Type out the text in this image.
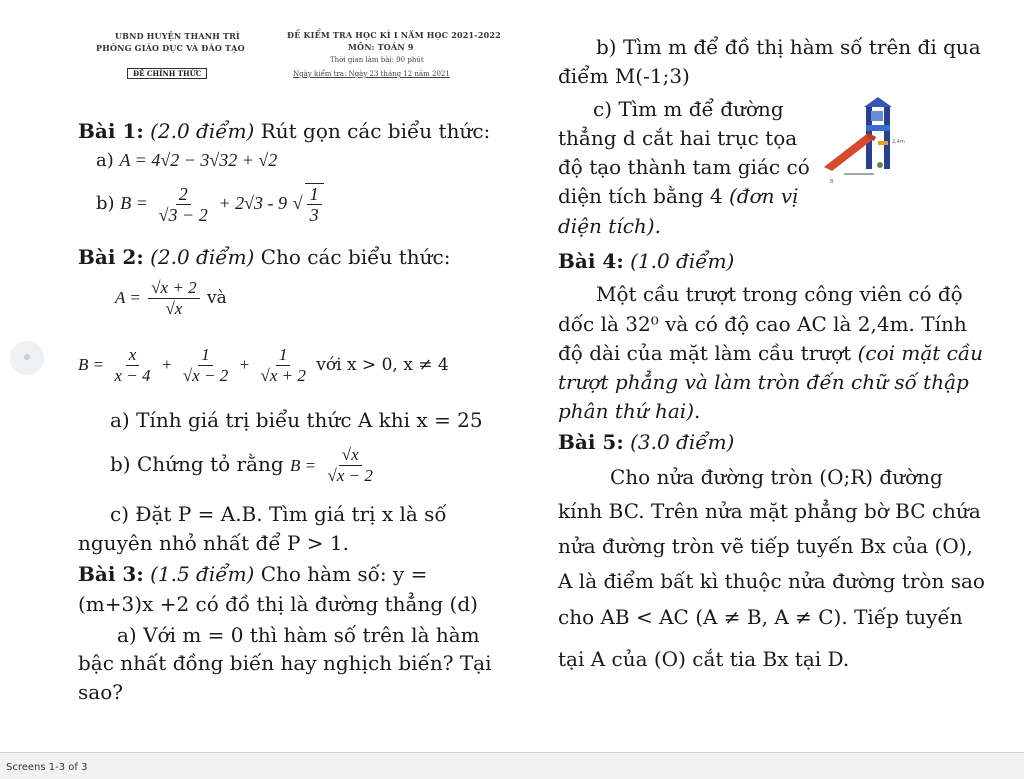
UBND HUYỆN THANH TRÌ
PHÒNG GIÁO DỤC VÀ ĐÀO TẠO
ĐỀ CHÍNH THỨC
ĐỀ KIỂM TRA HỌC KÌ I NĂM HỌC 2021-2022
MÔN: TOÁN 9
Thời gian làm bài: 90 phút
Ngày kiểm tra: Ngày 23 tháng 12 năm 2021
Bài 1: (2.0 điểm) Rút gọn các biểu thức:
a) A = 4√2 − 3√32 + √2
b) $B = \frac{2}{√3 - 2} + 2√3 - 9$ √ $\frac{1}{3}$
Bài 2: (2.0 điểm) Cho các biểu thức:
$A = \frac{√x + 2}{√x}$ và
$B = \frac{x}{x - 4} + \frac{1}{√x - 2} + \frac{1}{√x + 2}$ với x > 0, x ≠ 4
a) Tính giá trị biểu thức A khi x = 25
b) Chứng tỏ rằng $B = \frac{√x}{√x - 2}$
c) Đặt P = A.B. Tìm giá trị x là số
nguyên nhỏ nhất để P > 1.
Bài 3: (1.5 điểm) Cho hàm số: y =
(m+3)x +2 có đồ thị là đường thẳng (d)
a) Với m = 0 thì hàm số trên là hàm
bậc nhất đồng biến hay nghịch biến? Tại
sao?
b) Tìm m để đồ thị hàm số trên đi qua
điểm M(-1;3)
c) Tìm m để đường
thẳng d cắt hai trục tọa
độ tạo thành tam giác có
diện tích bằng 4 (đơn vị
diện tích).
2,4m
B
Bài 4: (1.0 điểm)
Một cầu trượt trong công viên có độ
dốc là 32⁰ và có độ cao AC là 2,4m. Tính
độ dài của mặt làm cầu trượt (coi mặt cầu
trượt phẳng và làm tròn đến chữ số thập
phân thứ hai).
Bài 5: (3.0 điểm)
Cho nửa đường tròn (O;R) đường
kính BC. Trên nửa mặt phẳng bờ BC chứa
nửa đường tròn vẽ tiếp tuyến Bx của (O),
A là điểm bất kì thuộc nửa đường tròn sao
cho AB < AC (A ≠ B, A ≠ C). Tiếp tuyến
tại A của (O) cắt tia Bx tại D.
Screens 1-3 of 3
